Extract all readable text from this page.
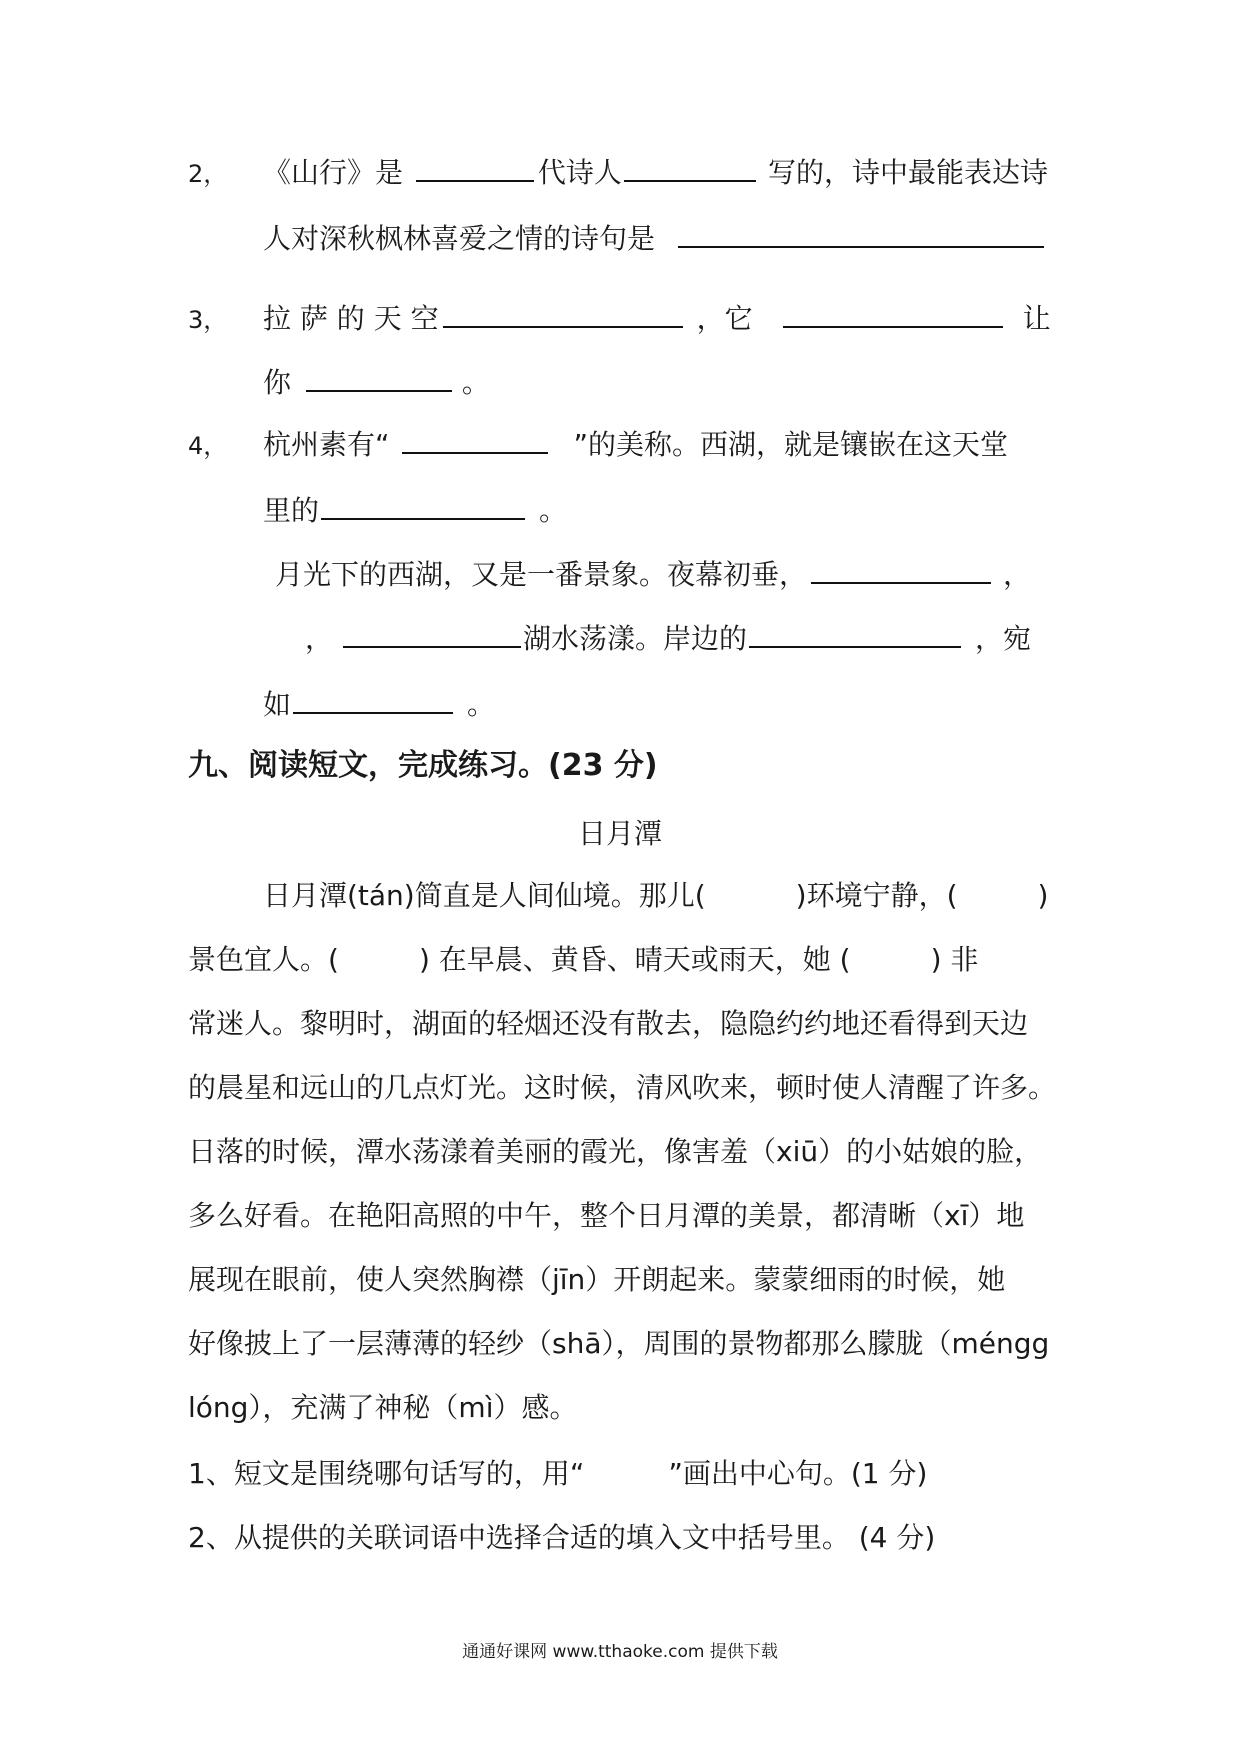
2， 《山行》是	代诗人	写的，诗中最能表达诗
人对深秋枫林喜爱之情的诗句是
3， 拉 萨 的 天 空	，它	让
你	。
4， 杭州素有“	”的美称。西湖，就是镶嵌在这天堂
里的	。
月光下的西湖，又是一番景象。夜幕初垂，	，
，	湖水荡漾。岸边的	，宛
如	。
九、阅读短文，完成练习。(23 分)
日月潭
日月潭(tán)简直是人间仙境。那儿(	)环境宁静，(	)
景色宜人。(	) 在早晨、黄昏、晴天或雨天，她 (	) 非
常迷人。黎明时，湖面的轻烟还没有散去，隐隐约约地还看得到天边
的晨星和远山的几点灯光。这时候，清风吹来，顿时使人清醒了许多。
日落的时候，潭水荡漾着美丽的霞光，像害羞（xiū）的小姑娘的脸，
多么好看。在艳阳高照的中午，整个日月潭的美景，都清晰（xī）地
展现在眼前，使人突然胸襟（jīn）开朗起来。蒙蒙细雨的时候，她
好像披上了一层薄薄的轻纱（shā），周围的景物都那么朦胧（méngg
lóng），充满了神秘（mì）感。
1、短文是围绕哪句话写的，用“　　　”画出中心句。(1 分)
2、从提供的关联词语中选择合适的填入文中括号里。 (4 分)
通通好课网 www.tthaoke.com 提供下载
